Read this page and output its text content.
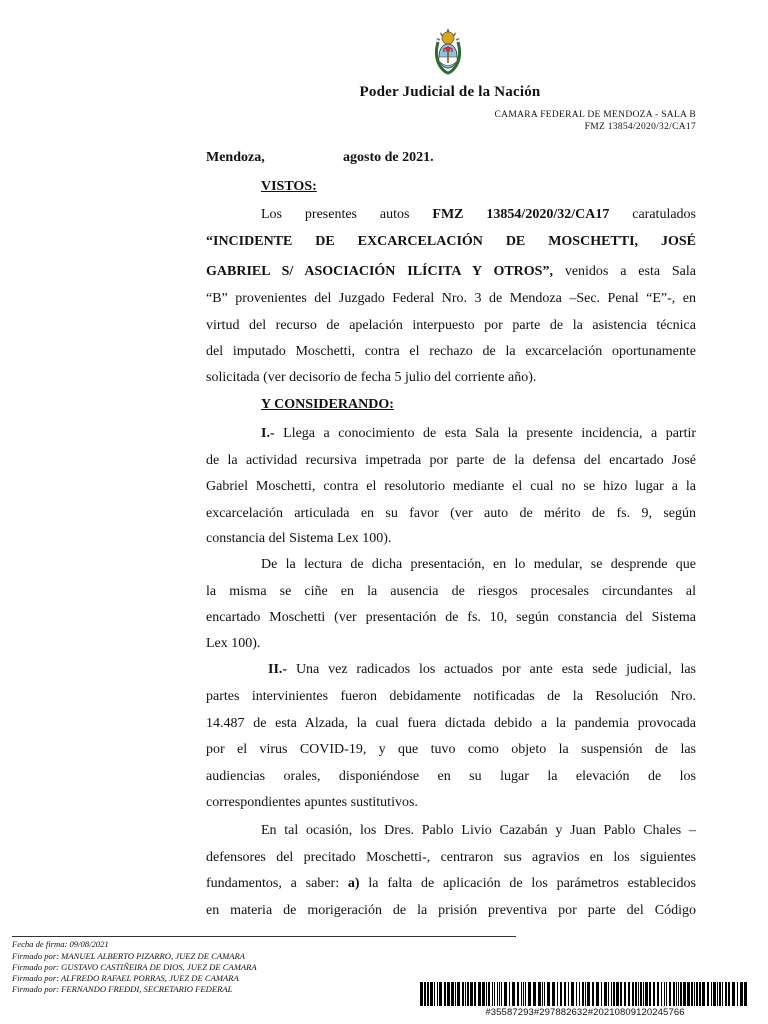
Poder Judicial de la Nación
CAMARA FEDERAL DE MENDOZA - SALA B
FMZ 13854/2020/32/CA17
Mendoza,	agosto de 2021.
VISTOS:
Los presentes autos FMZ 13854/2020/32/CA17 caratulados
“INCIDENTE DE EXCARCELACIÓN DE MOSCHETTI, JOSÉ
GABRIEL S/ ASOCIACIÓN ILÍCITA Y OTROS”, venidos a esta Sala
“B” provenientes del Juzgado Federal Nro. 3 de Mendoza –Sec. Penal “E”-, en
virtud del recurso de apelación interpuesto por parte de la asistencia técnica
del imputado Moschetti, contra el rechazo de la excarcelación oportunamente
solicitada (ver decisorio de fecha 5 julio del corriente año).
Y CONSIDERANDO:
I.- Llega a conocimiento de esta Sala la presente incidencia, a partir
de la actividad recursiva impetrada por parte de la defensa del encartado José
Gabriel Moschetti, contra el resolutorio mediante el cual no se hizo lugar a la
excarcelación articulada en su favor (ver auto de mérito de fs. 9, según
constancia del Sistema Lex 100).
De la lectura de dicha presentación, en lo medular, se desprende que
la misma se ciñe en la ausencia de riesgos procesales circundantes al
encartado Moschetti (ver presentación de fs. 10, según constancia del Sistema
Lex 100).
II.- Una vez radicados los actuados por ante esta sede judicial, las
partes intervinientes fueron debidamente notificadas de la Resolución Nro.
14.487 de esta Alzada, la cual fuera dictada debido a la pandemia provocada
por el virus COVID-19, y que tuvo como objeto la suspensión de las
audiencias orales, disponiéndose en su lugar la elevación de los
correspondientes apuntes sustitutivos.
En tal ocasión, los Dres. Pablo Livio Cazabán y Juan Pablo Chales –
defensores del precitado Moschetti-, centraron sus agravios en los siguientes
fundamentos, a saber: a) la falta de aplicación de los parámetros establecidos
en materia de morigeración de la prisión preventiva por parte del Código
Fecha de firma: 09/08/2021
Firmado por: MANUEL ALBERTO PIZARRO, JUEZ DE CAMARA
Firmado por: GUSTAVO CASTIÑEIRA DE DIOS, JUEZ DE CAMARA
Firmado por: ALFREDO RAFAEL PORRAS, JUEZ DE CAMARA
Firmado por: FERNANDO FREDDI, SECRETARIO FEDERAL
#35587293#297882632#20210809120245766
